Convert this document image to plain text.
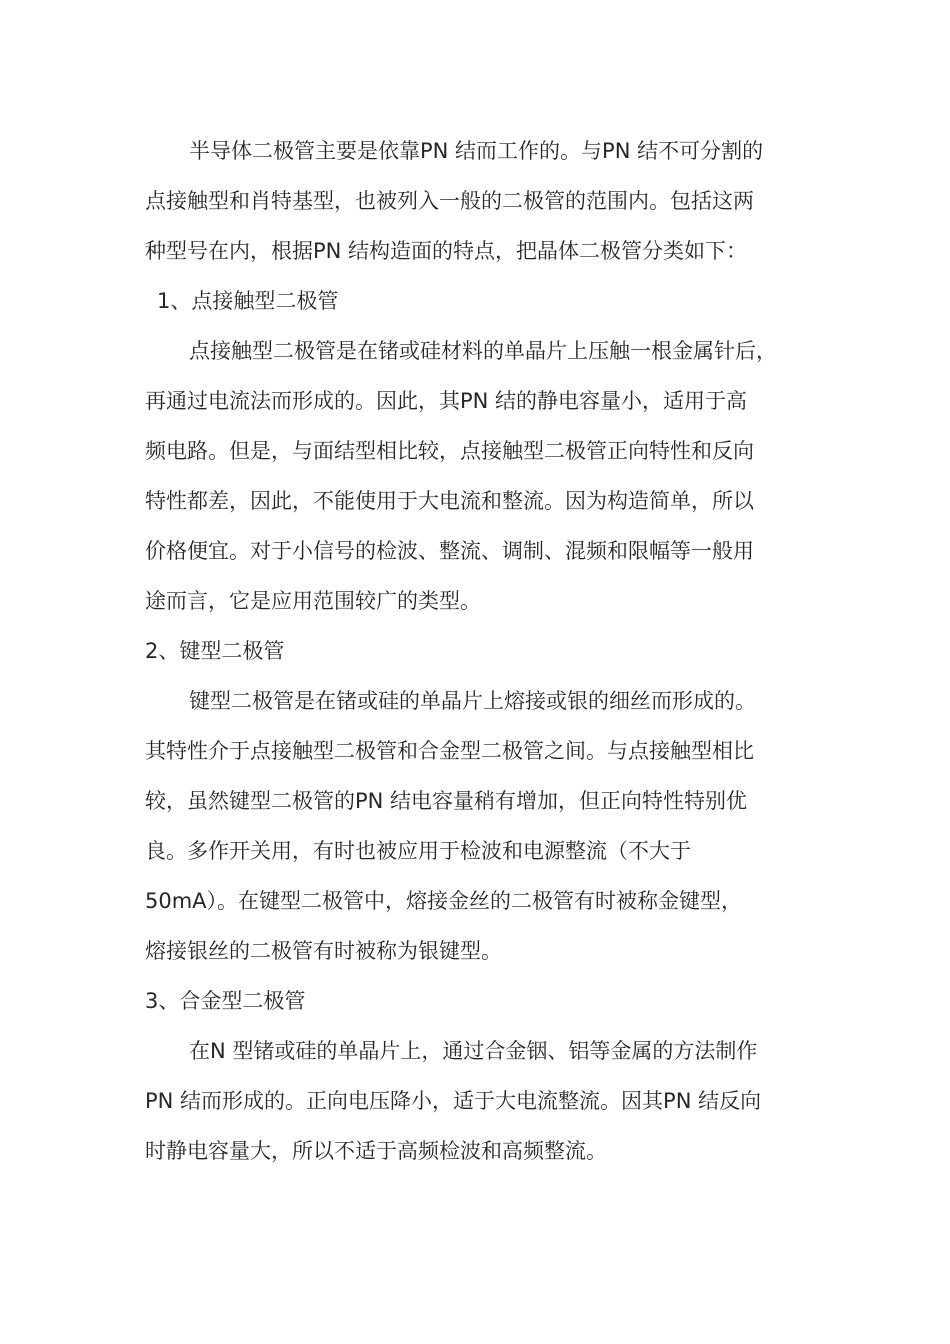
半导体二极管主要是依靠PN 结而工作的。与PN 结不可分割的
点接触型和肖特基型，也被列入一般的二极管的范围内。包括这两
种型号在内，根据PN 结构造面的特点，把晶体二极管分类如下：
1、点接触型二极管
点接触型二极管是在锗或硅材料的单晶片上压触一根金属针后，
再通过电流法而形成的。因此，其PN 结的静电容量小，适用于高
频电路。但是，与面结型相比较，点接触型二极管正向特性和反向
特性都差，因此，不能使用于大电流和整流。因为构造简单，所以
价格便宜。对于小信号的检波、整流、调制、混频和限幅等一般用
途而言，它是应用范围较广的类型。
2、键型二极管
键型二极管是在锗或硅的单晶片上熔接或银的细丝而形成的。
其特性介于点接触型二极管和合金型二极管之间。与点接触型相比
较，虽然键型二极管的PN 结电容量稍有增加，但正向特性特别优
良。多作开关用，有时也被应用于检波和电源整流（不大于
50mA）。在键型二极管中，熔接金丝的二极管有时被称金键型，
熔接银丝的二极管有时被称为银键型。
3、合金型二极管
在N 型锗或硅的单晶片上，通过合金铟、铝等金属的方法制作
PN 结而形成的。正向电压降小，适于大电流整流。因其PN 结反向
时静电容量大，所以不适于高频检波和高频整流。
